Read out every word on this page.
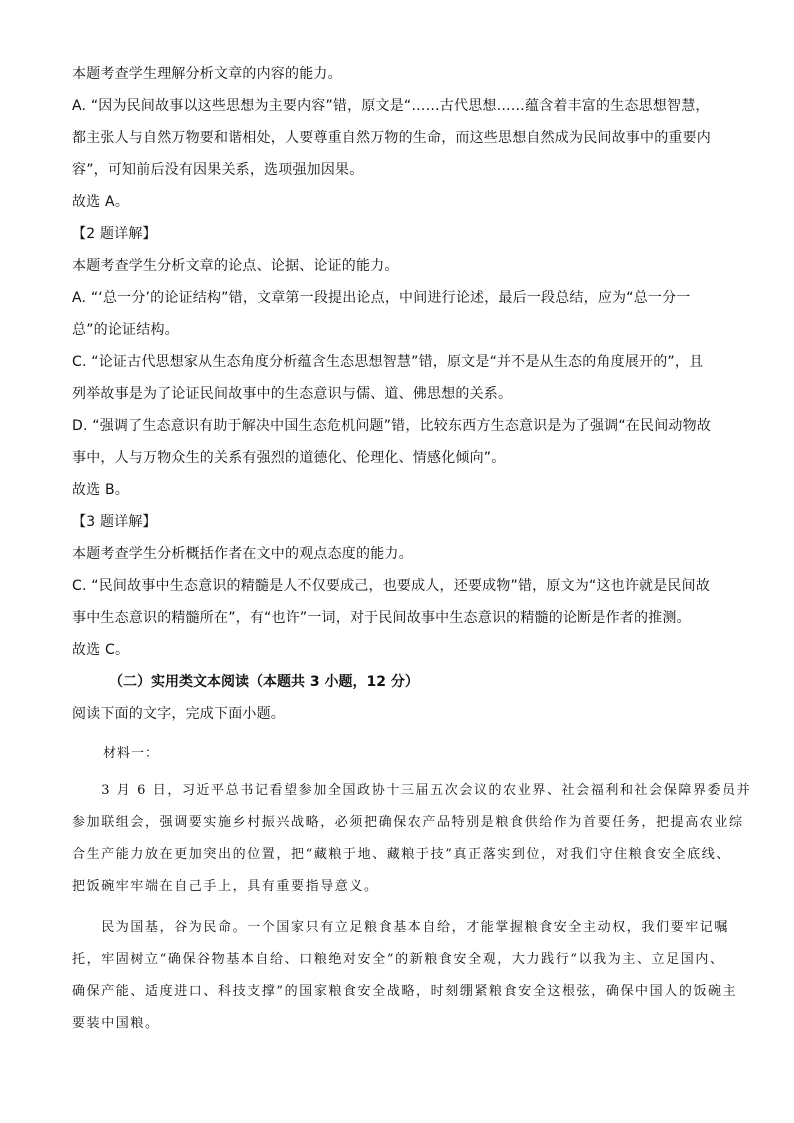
本题考查学生理解分析文章的内容的能力。
A. “因为民间故事以这些思想为主要内容”错，原文是“……古代思想……蕴含着丰富的生态思想智慧，
都主张人与自然万物要和谐相处，人要尊重自然万物的生命，而这些思想自然成为民间故事中的重要内
容”，可知前后没有因果关系，选项强加因果。
故选 A。
【2 题详解】
本题考查学生分析文章的论点、论据、论证的能力。
A. “‘总一分’的论证结构”错，文章第一段提出论点，中间进行论述，最后一段总结，应为“总一分一
总”的论证结构。
C. “论证古代思想家从生态角度分析蕴含生态思想智慧”错，原文是“并不是从生态的角度展开的”，且
列举故事是为了论证民间故事中的生态意识与儒、道、佛思想的关系。
D. “强调了生态意识有助于解决中国生态危机问题”错，比较东西方生态意识是为了强调“在民间动物故
事中，人与万物众生的关系有强烈的道德化、伦理化、情感化倾向”。
故选 B。
【3 题详解】
本题考查学生分析概括作者在文中的观点态度的能力。
C. “民间故事中生态意识的精髓是人不仅要成己，也要成人，还要成物”错，原文为“这也许就是民间故
事中生态意识的精髓所在”，有“也许”一词，对于民间故事中生态意识的精髓的论断是作者的推测。
故选 C。
（二）实用类文本阅读（本题共 3 小题，12 分）
阅读下面的文字，完成下面小题。
材料一：
　　3 月 6 日，习近平总书记看望参加全国政协十三届五次会议的农业界、社会福利和社会保障界委员并
参加联组会，强调要实施乡村振兴战略，必须把确保农产品特别是粮食供给作为首要任务，把提高农业综
合生产能力放在更加突出的位置，把“藏粮于地、藏粮于技”真正落实到位，对我们守住粮食安全底线、
把饭碗牢牢端在自己手上，具有重要指导意义。
　　民为国基，谷为民命。一个国家只有立足粮食基本自给，才能掌握粮食安全主动权，我们要牢记嘱
托，牢固树立“确保谷物基本自给、口粮绝对安全”的新粮食安全观，大力践行“以我为主、立足国内、
确保产能、适度进口、科技支撑”的国家粮食安全战略，时刻绷紧粮食安全这根弦，确保中国人的饭碗主
要装中国粮。
